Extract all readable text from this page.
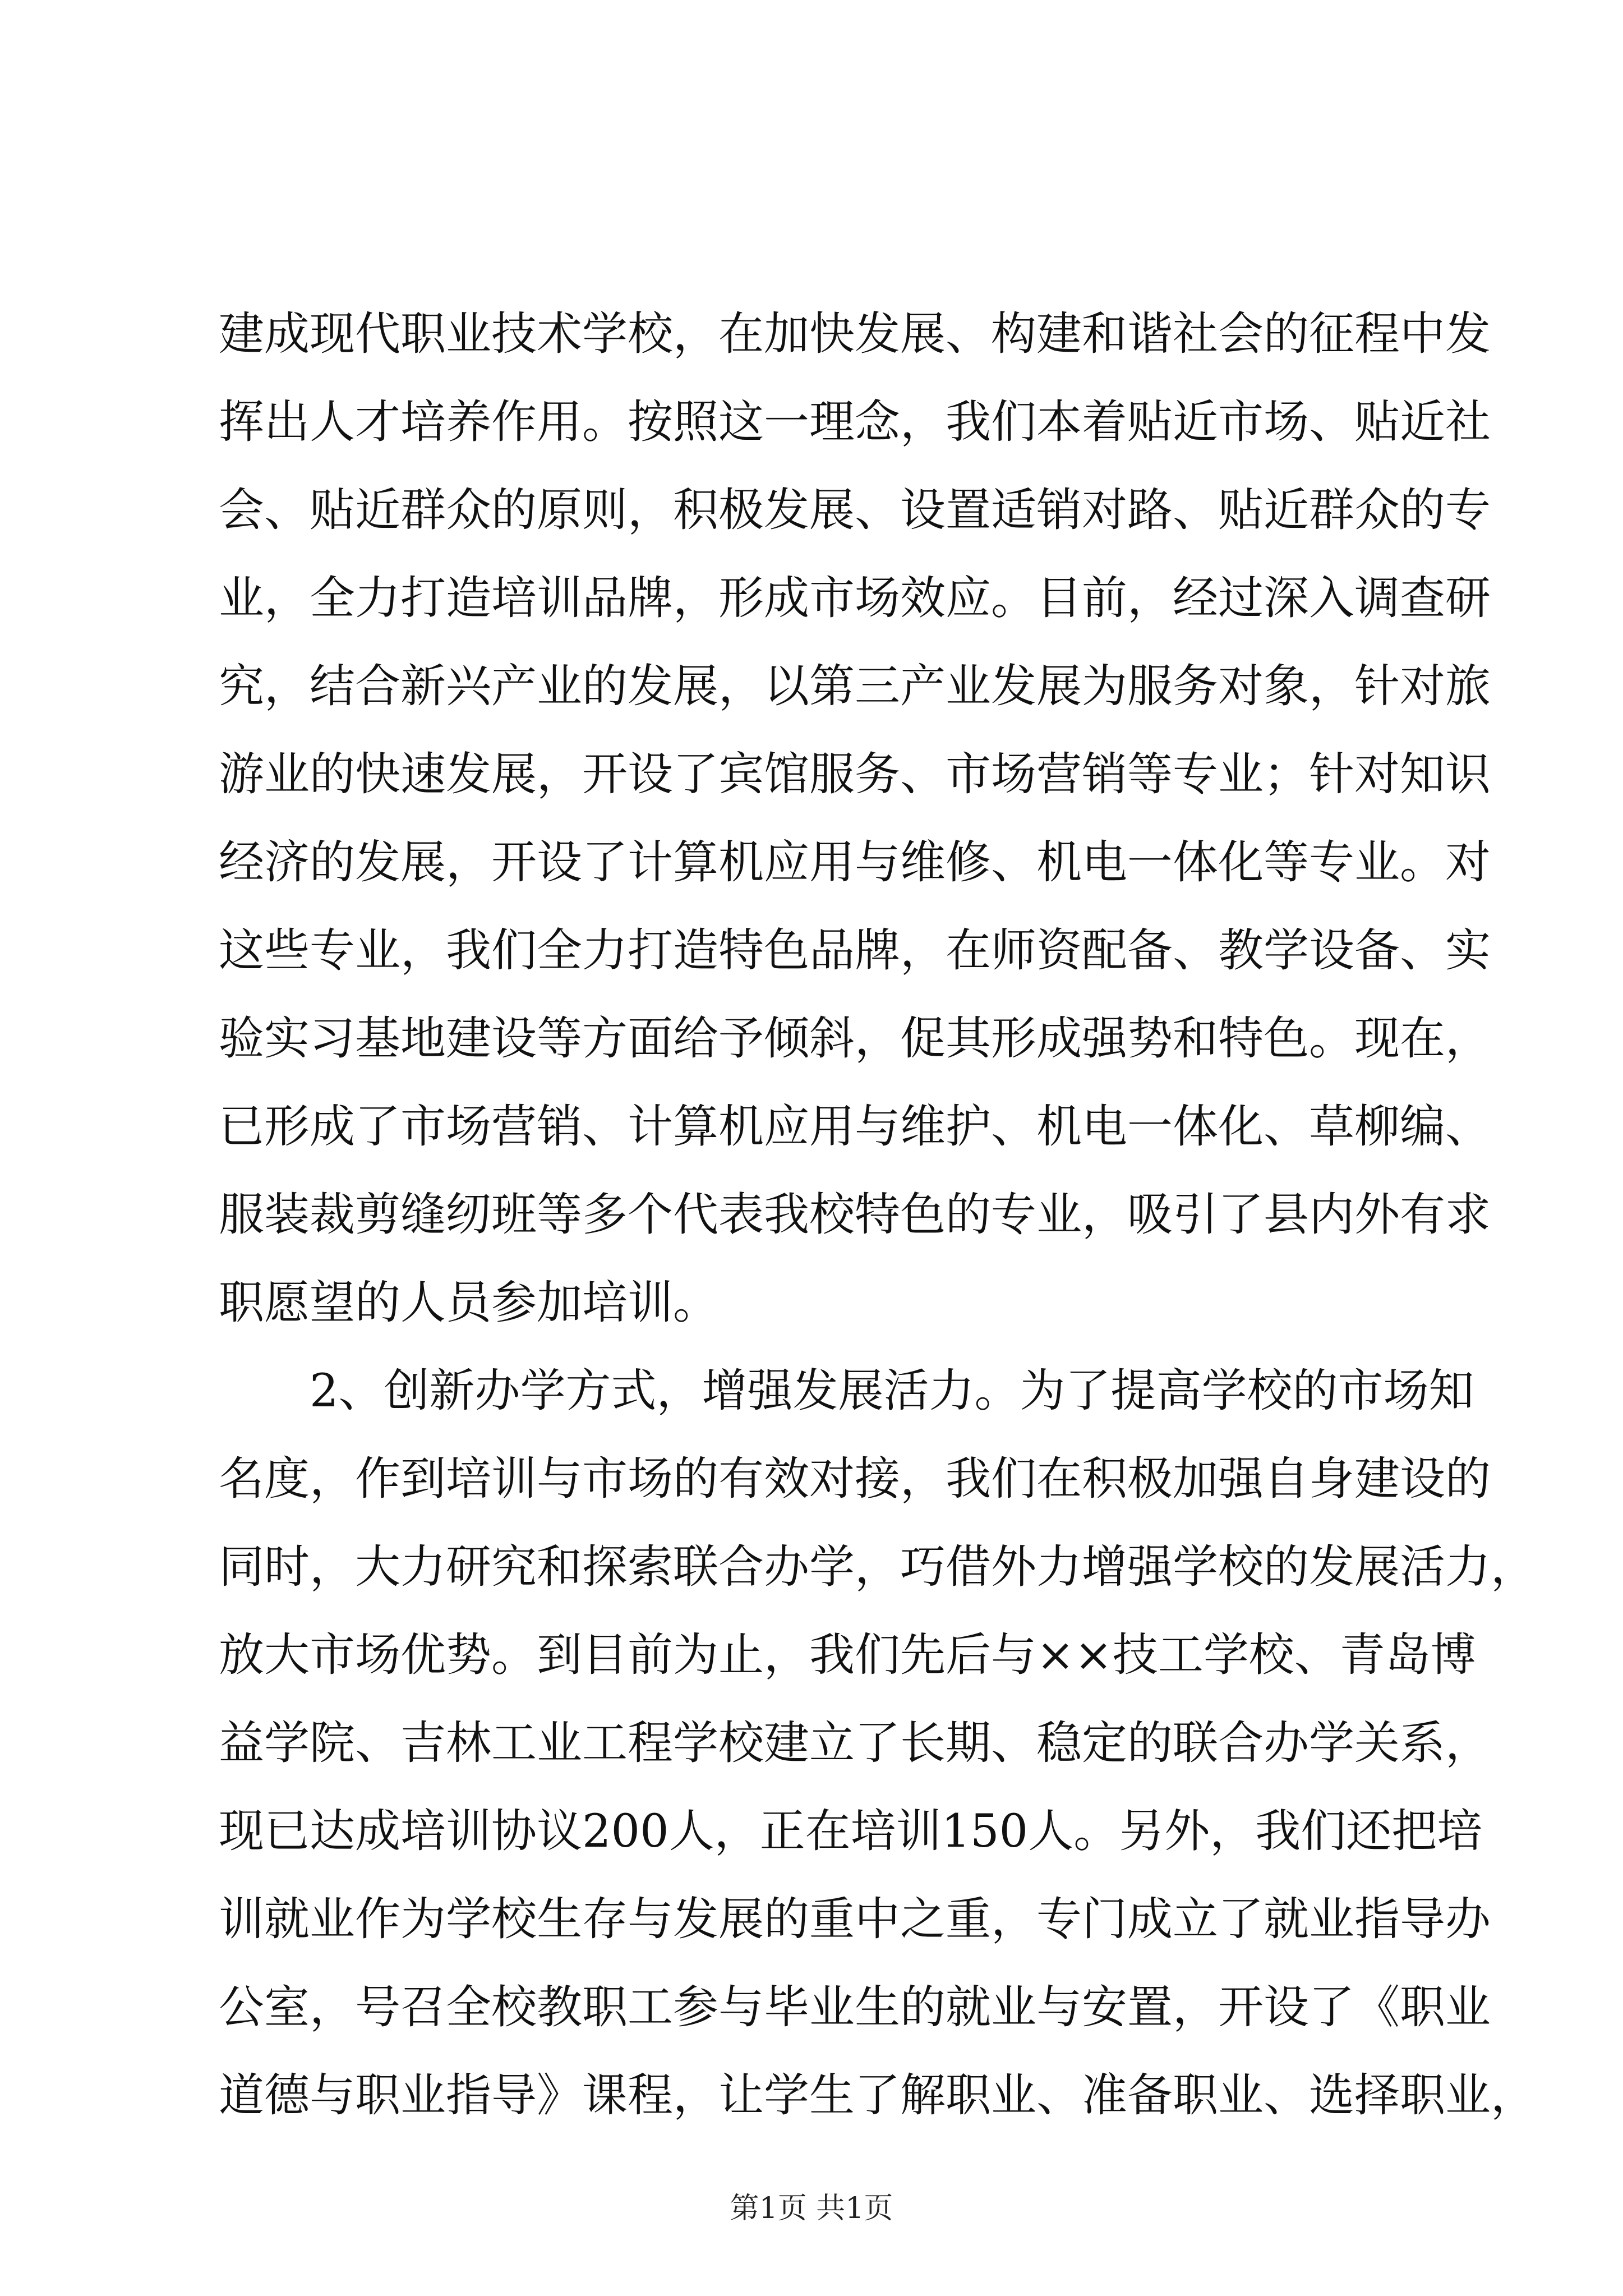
建成现代职业技术学校，在加快发展、构建和谐社会的征程中发
挥出人才培养作用。按照这一理念，我们本着贴近市场、贴近社
会、贴近群众的原则，积极发展、设置适销对路、贴近群众的专
业，全力打造培训品牌，形成市场效应。目前，经过深入调查研
究，结合新兴产业的发展，以第三产业发展为服务对象，针对旅
游业的快速发展，开设了宾馆服务、市场营销等专业；针对知识
经济的发展，开设了计算机应用与维修、机电一体化等专业。对
这些专业，我们全力打造特色品牌，在师资配备、教学设备、实
验实习基地建设等方面给予倾斜，促其形成强势和特色。现在，
已形成了市场营销、计算机应用与维护、机电一体化、草柳编、
服装裁剪缝纫班等多个代表我校特色的专业，吸引了县内外有求
职愿望的人员参加培训。
　　2、创新办学方式，增强发展活力。为了提高学校的市场知
名度，作到培训与市场的有效对接，我们在积极加强自身建设的
同时，大力研究和探索联合办学，巧借外力增强学校的发展活力，
放大市场优势。到目前为止，我们先后与××技工学校、青岛博
益学院、吉林工业工程学校建立了长期、稳定的联合办学关系，
现已达成培训协议200人，正在培训150人。另外，我们还把培
训就业作为学校生存与发展的重中之重，专门成立了就业指导办
公室，号召全校教职工参与毕业生的就业与安置，开设了《职业
道德与职业指导》课程，让学生了解职业、准备职业、选择职业，
第1页 共1页
